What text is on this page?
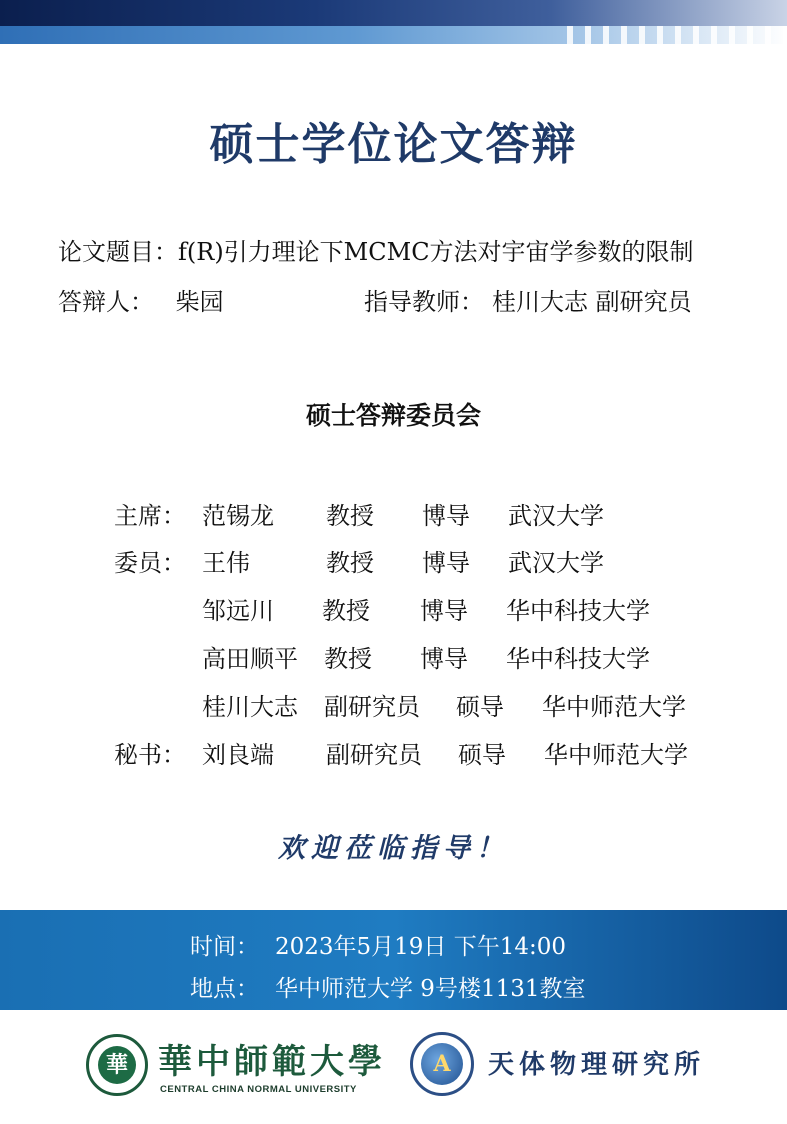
硕士学位论文答辩
论文题目：f(R)引力理论下MCMC方法对宇宙学参数的限制
答辩人： 柴园	指导教师： 桂川大志 副研究员
硕士答辩委员会
主席： 范锡龙 教授 博导 武汉大学
委员： 王伟	教授 博导 武汉大学
邹远川 教授 博导 华中科技大学
高田顺平 教授 博导 华中科技大学
桂川大志 副研究员 硕导 华中师范大学
秘书： 刘良端 副研究员 硕导 华中师范大学
欢迎莅临指导！
时间： 2023年5月19日 下午14:00
地点： 华中师范大学 9号楼1131教室
華 華中師範大學
CENTRAL CHINA NORMAL UNIVERSITY
A	天体物理研究所
